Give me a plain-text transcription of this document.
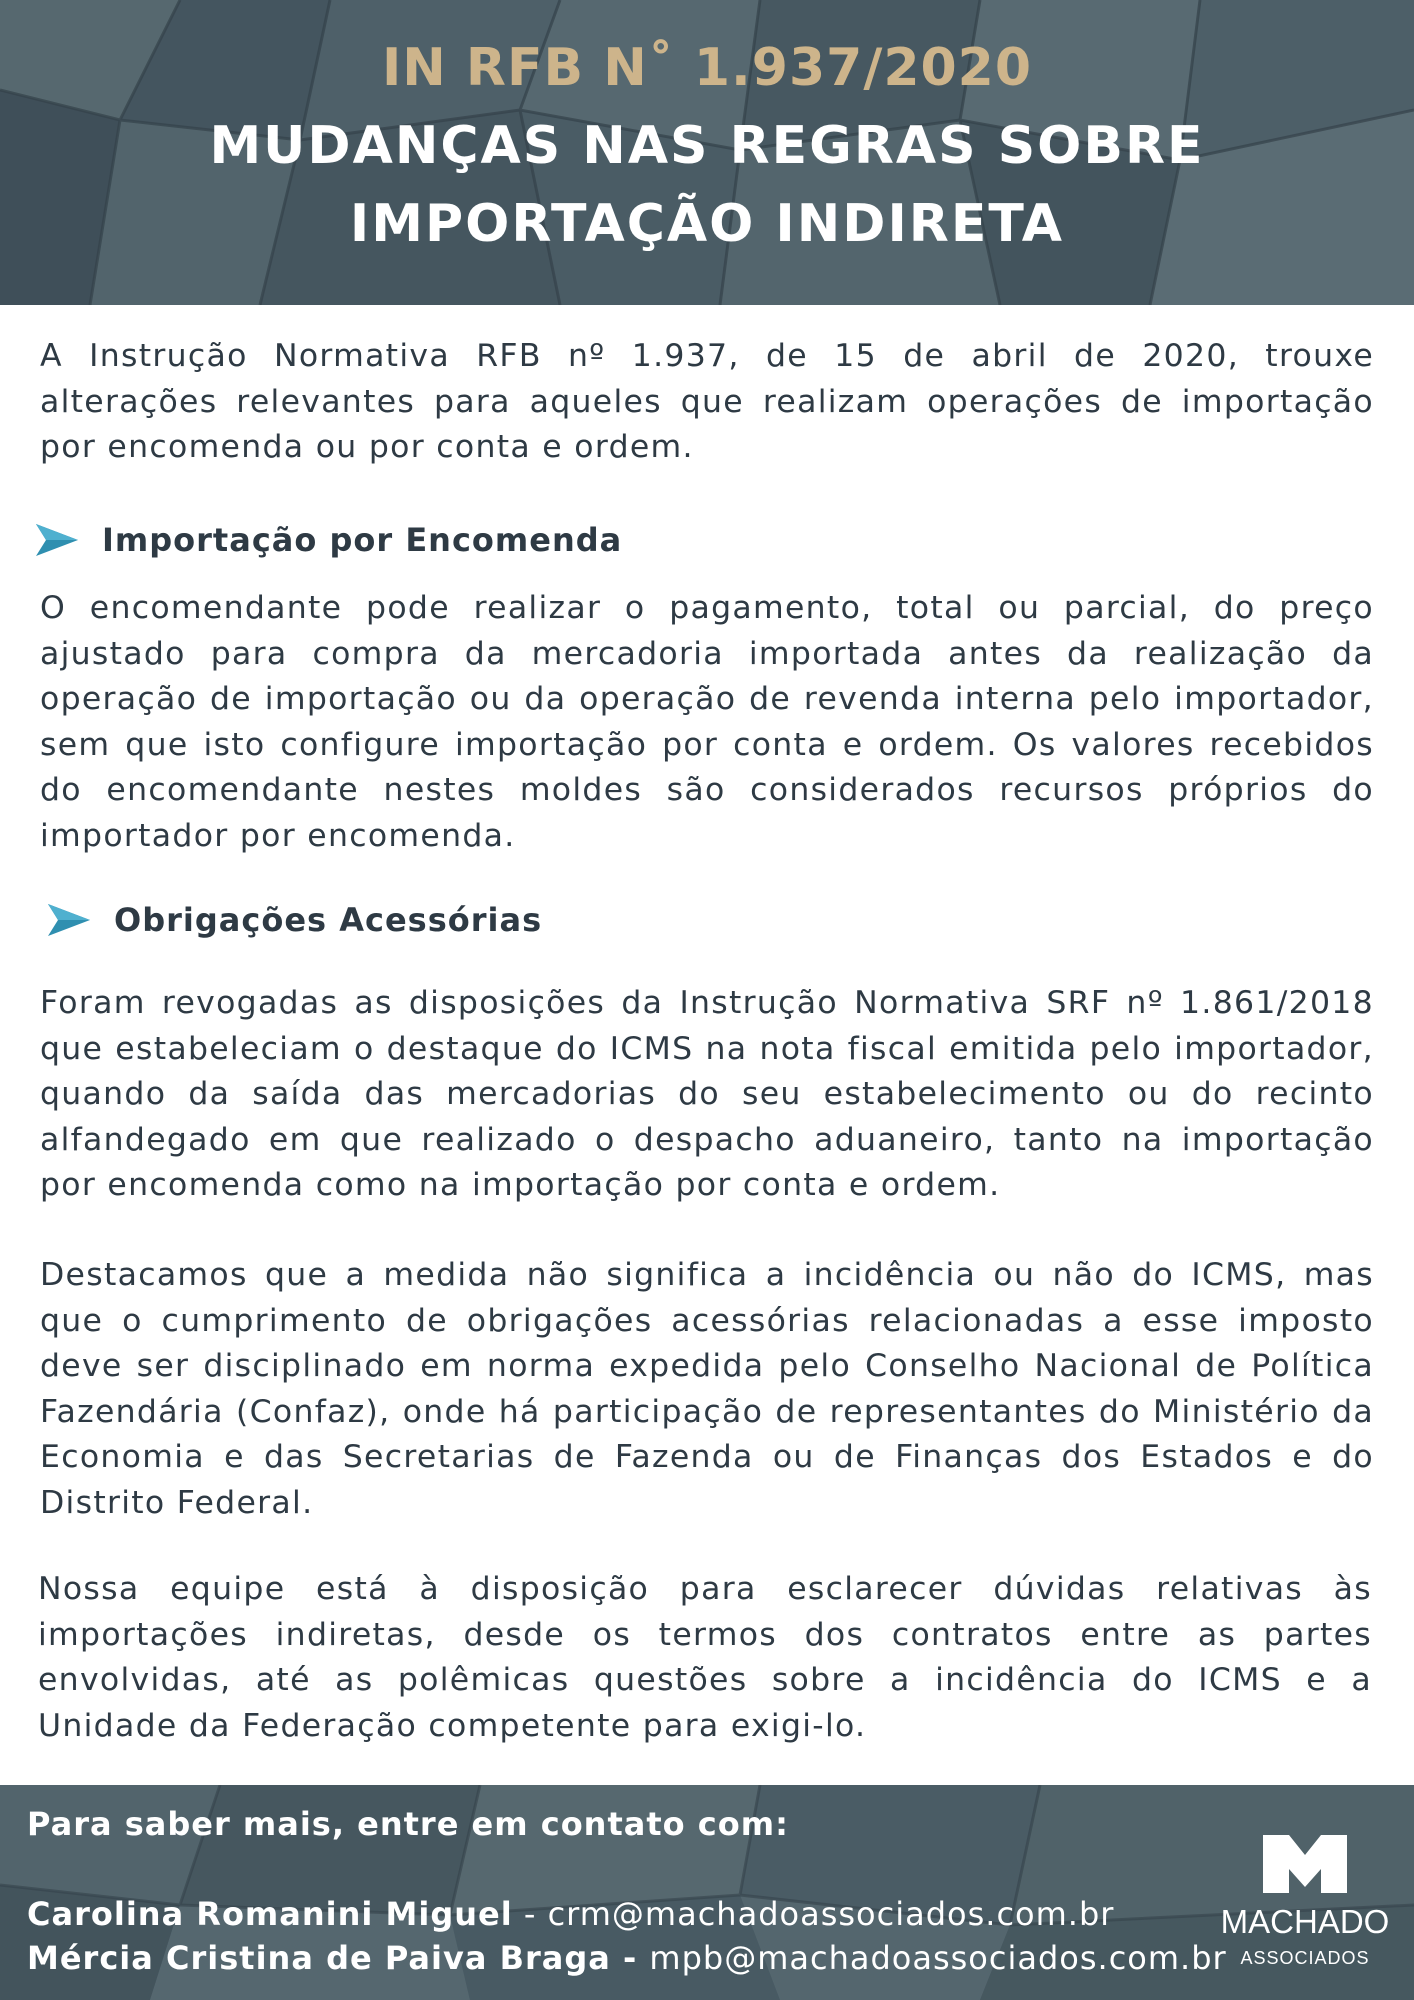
IN RFB N˚ 1.937/2020
MUDANÇAS NAS REGRAS SOBRE
IMPORTAÇÃO INDIRETA
A Instrução Normativa RFB nº 1.937, de 15 de abril de 2020, trouxe alterações relevantes para aqueles que realizam operações de importação por encomenda ou por conta e ordem.
Importação por Encomenda
O encomendante pode realizar o pagamento, total ou parcial, do preço ajustado para compra da mercadoria importada antes da realização da operação de importação ou da operação de revenda interna pelo importador, sem que isto configure importação por conta e ordem. Os valores recebidos do encomendante nestes moldes são considerados recursos próprios do importador por encomenda.
Obrigações Acessórias
Foram revogadas as disposições da Instrução Normativa SRF nº 1.861/2018 que estabeleciam o destaque do ICMS na nota fiscal emitida pelo importador, quando da saída das mercadorias do seu estabelecimento ou do recinto alfandegado em que realizado o despacho aduaneiro, tanto na importação por encomenda como na importação por conta e ordem.
Destacamos que a medida não significa a incidência ou não do ICMS, mas que o cumprimento de obrigações acessórias relacionadas a esse imposto deve ser disciplinado em norma expedida pelo Conselho Nacional de Política Fazendária (Confaz), onde há participação de representantes do Ministério da Economia e das Secretarias de Fazenda ou de Finanças dos Estados e do Distrito Federal.
Nossa equipe está à disposição para esclarecer dúvidas relativas às importações indiretas, desde os termos dos contratos entre as partes envolvidas, até as polêmicas questões sobre a incidência do ICMS e a Unidade da Federação competente para exigi-lo.
Para saber mais, entre em contato com:
Carolina Romanini Miguel - crm@machadoassociados.com.br
Mércia Cristina de Paiva Braga - mpb@machadoassociados.com.br
MACHADO
ASSOCIADOS
